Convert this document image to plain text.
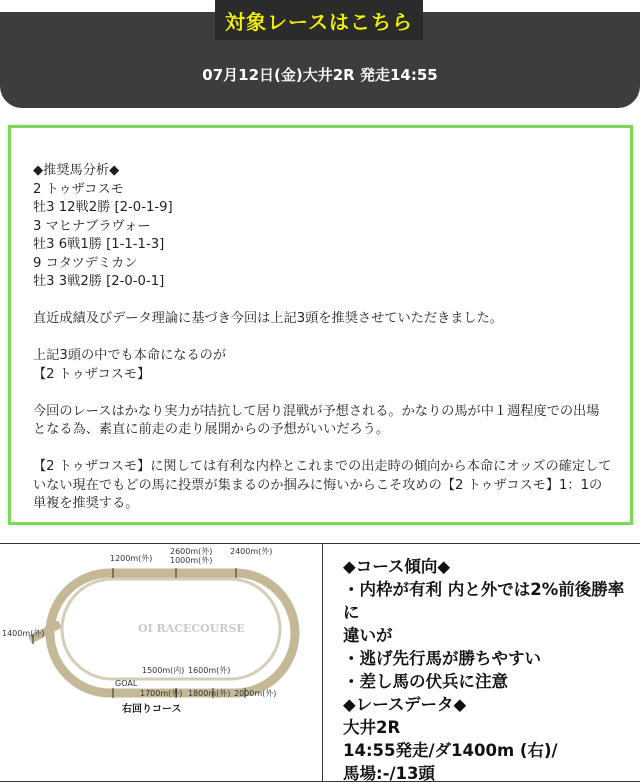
07月12日(金)大井2R 発走14:55
対象レースはこちら
◆推奨馬分析◆
2 トゥザコスモ
牡3 12戦2勝 [2-0-1-9]
3 マヒナブラヴォー
牡3 6戦1勝 [1-1-1-3]
9 コタツデミカン
牡3 3戦2勝 [2-0-0-1]
直近成績及びデータ理論に基づき今回は上記3頭を推奨させていただきました。
上記3頭の中でも本命になるのが
【2 トゥザコスモ】
今回のレースはかなり実力が拮抗して居り混戦が予想される。かなりの馬が中１週程度での出場となる為、素直に前走の走り展開からの予想がいいだろう。
【2 トゥザコスモ】に関しては有利な内枠とこれまでの出走時の傾向から本命にオッズの確定していない現在でもどの馬に投票が集まるのか掴みに悔いからこそ攻めの【2 トゥザコスモ】1：1の単複を推奨する。
1200m(外)
2600m(外)
1000m(外)
2400m(外)
1400m(外)
1500m(内) 1600m(外)
GOAL
1700m(外) 1800m(外) 2000m(外)
OI RACECOURSE
右回りコース
◆コース傾向◆
・内枠が有利 内と外では2%前後勝率に
違いが
・逃げ先行馬が勝ちやすい
・差し馬の伏兵に注意
◆レースデータ◆
大井2R
14:55発走/ダ1400m (右)/
馬場:-/13頭
